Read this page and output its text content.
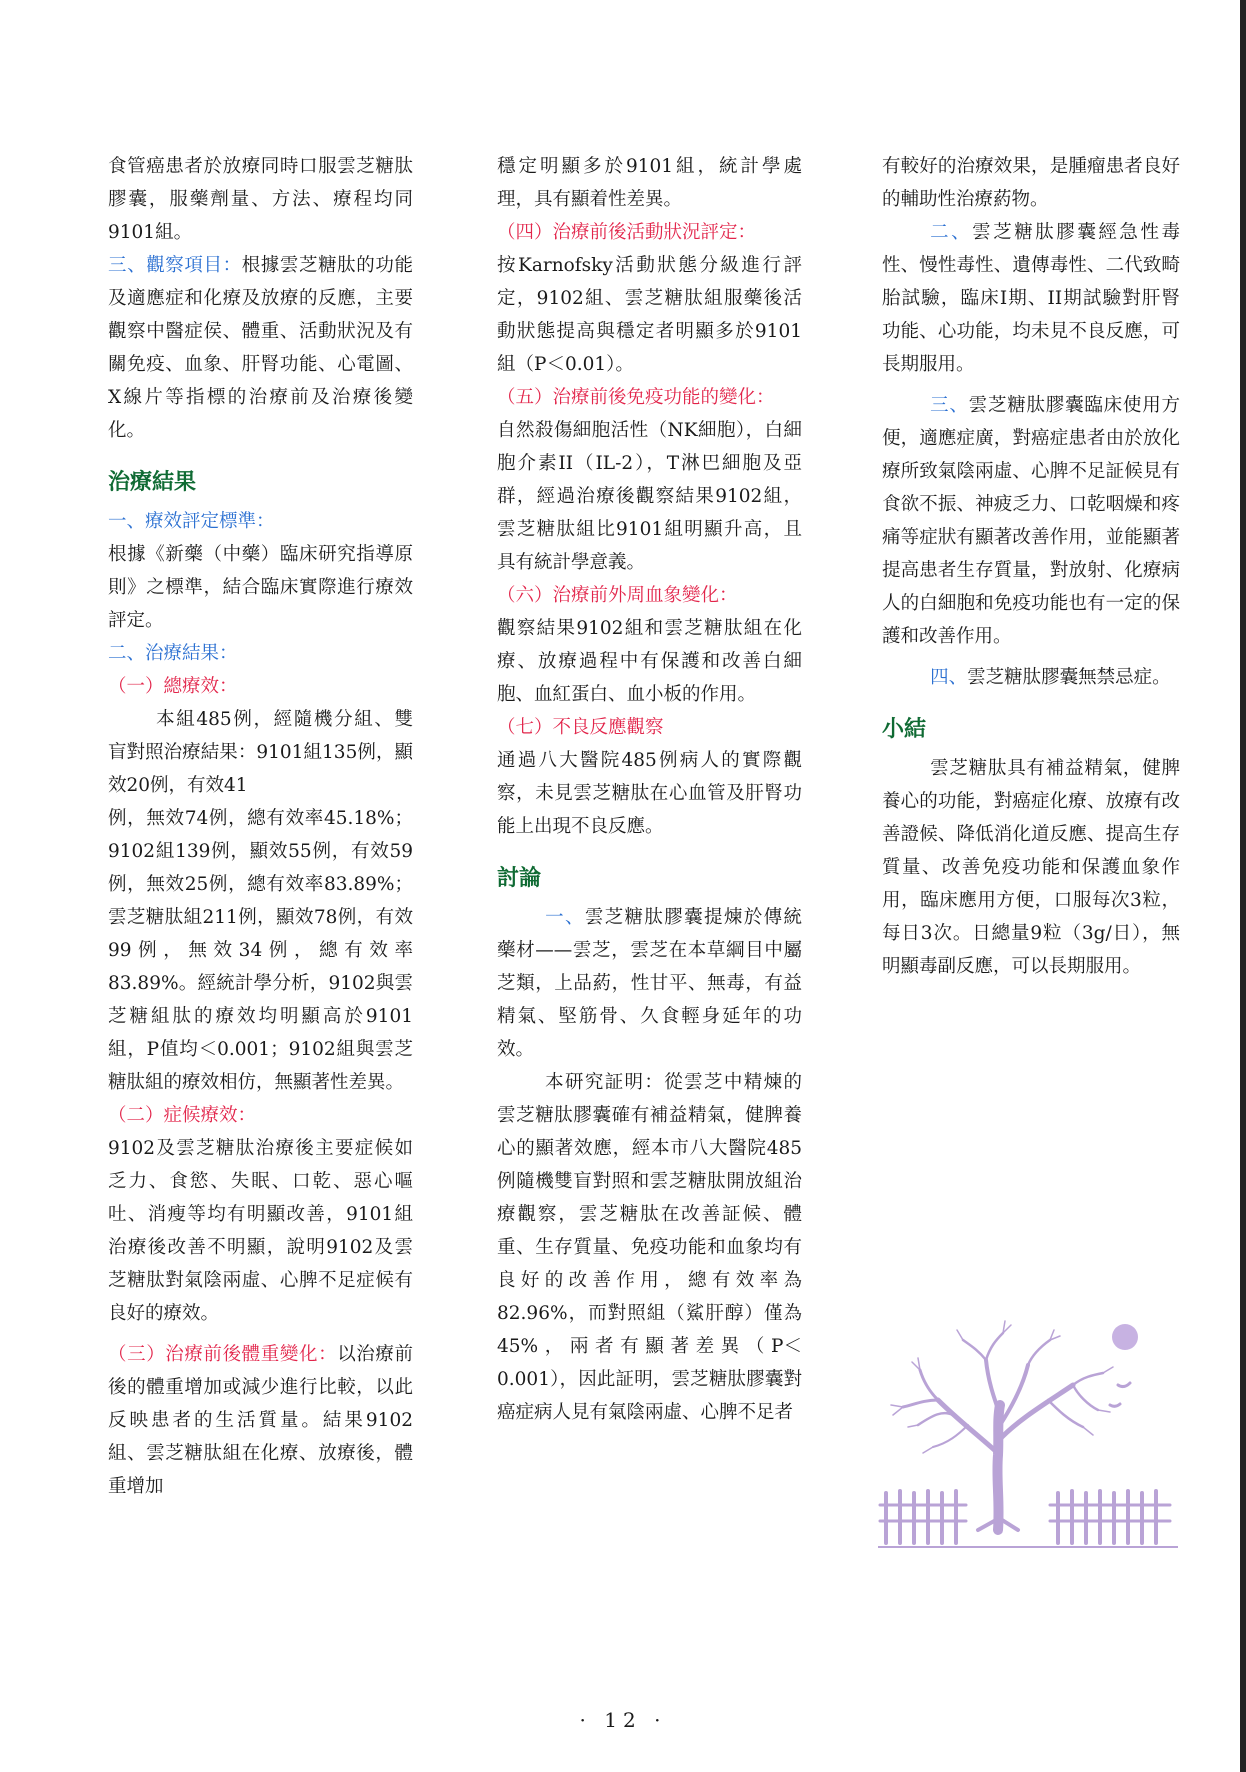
食管癌患者於放療同時口服雲芝糖肽膠囊，服藥劑量、方法、療程均同9101組。

三、觀察項目：根據雲芝糖肽的功能及適應症和化療及放療的反應，主要觀察中醫症侯、體重、活動狀況及有關免疫、血象、肝腎功能、心電圖、X線片等指標的治療前及治療後變化。

治療結果

一、療效評定標準：

根據《新藥（中藥）臨床研究指導原則》之標準，結合臨床實際進行療效評定。

二、治療結果：

（一）總療效：

本組485例，經隨機分組、雙盲對照治療結果：9101組135例，顯效20例，有效41

例，無效74例，總有效率45.18%；9102組139例，顯效55例，有效59例，無效25例，總有效率83.89%；雲芝糖肽組211例，顯效78例，有效99例，無效34例，總有效率83.89%。經統計學分析，9102與雲芝糖組肽的療效均明顯高於9101組，P值均＜0.001；9102組與雲芝糖肽組的療效相仿，無顯著性差異。

（二）症候療效：

9102及雲芝糖肽治療後主要症候如乏力、食慾、失眠、口乾、惡心嘔吐、消瘦等均有明顯改善，9101組治療後改善不明顯，說明9102及雲芝糖肽對氣陰兩虛、心脾不足症候有良好的療效。

（三）治療前後體重變化：以治療前後的體重增加或減少進行比較，以此反映患者的生活質量。結果9102組、雲芝糖肽組在化療、放療後，體重增加

穩定明顯多於9101組，統計學處理，具有顯着性差異。

（四）治療前後活動狀況評定：

按Karnofsky活動狀態分級進行評定，9102組、雲芝糖肽組服藥後活動狀態提高與穩定者明顯多於9101組（P＜0.01）。

（五）治療前後免疫功能的變化：

自然殺傷細胞活性（NK細胞），白細胞介素II（IL-2），T淋巴細胞及亞群，經過治療後觀察結果9102組，雲芝糖肽組比9101組明顯升高，且具有統計學意義。

（六）治療前外周血象變化：

觀察結果9102組和雲芝糖肽組在化療、放療過程中有保護和改善白細胞、血紅蛋白、血小板的作用。

（七）不良反應觀察

通過八大醫院485例病人的實際觀察，未見雲芝糖肽在心血管及肝腎功能上出現不良反應。

討論

一、雲芝糖肽膠囊提煉於傳統藥材——雲芝，雲芝在本草綱目中屬芝類，上品葯，性甘平、無毒，有益精氣、堅筋骨、久食輕身延年的功效。

本研究証明：從雲芝中精煉的雲芝糖肽膠囊確有補益精氣，健脾養心的顯著效應，經本市八大醫院485例隨機雙盲對照和雲芝糖肽開放組治療觀察，雲芝糖肽在改善証候、體重、生存質量、免疫功能和血象均有良好的改善作用，總有效率為82.96%，而對照組（鯊肝醇）僅為45%，兩者有顯著差異（P＜0.001），因此証明，雲芝糖肽膠囊對癌症病人見有氣陰兩虛、心脾不足者

有較好的治療效果，是腫瘤患者良好的輔助性治療葯物。

二、雲芝糖肽膠囊經急性毒性、慢性毒性、遺傳毒性、二代致畸胎試驗，臨床I期、II期試驗對肝腎功能、心功能，均未見不良反應，可長期服用。

三、雲芝糖肽膠囊臨床使用方便，適應症廣，對癌症患者由於放化療所致氣陰兩虛、心脾不足証候見有食欲不振、神疲乏力、口乾咽燥和疼痛等症狀有顯著改善作用，並能顯著提高患者生存質量，對放射、化療病人的白細胞和免疫功能也有一定的保護和改善作用。

四、雲芝糖肽膠囊無禁忌症。

小結

雲芝糖肽具有補益精氣，健脾養心的功能，對癌症化療、放療有改善證候、降低消化道反應、提高生存質量、改善免疫功能和保護血象作用，臨床應用方便，口服每次3粒，每日3次。日總量9粒（3g/日），無明顯毒副反應，可以長期服用。

· 12 ·
